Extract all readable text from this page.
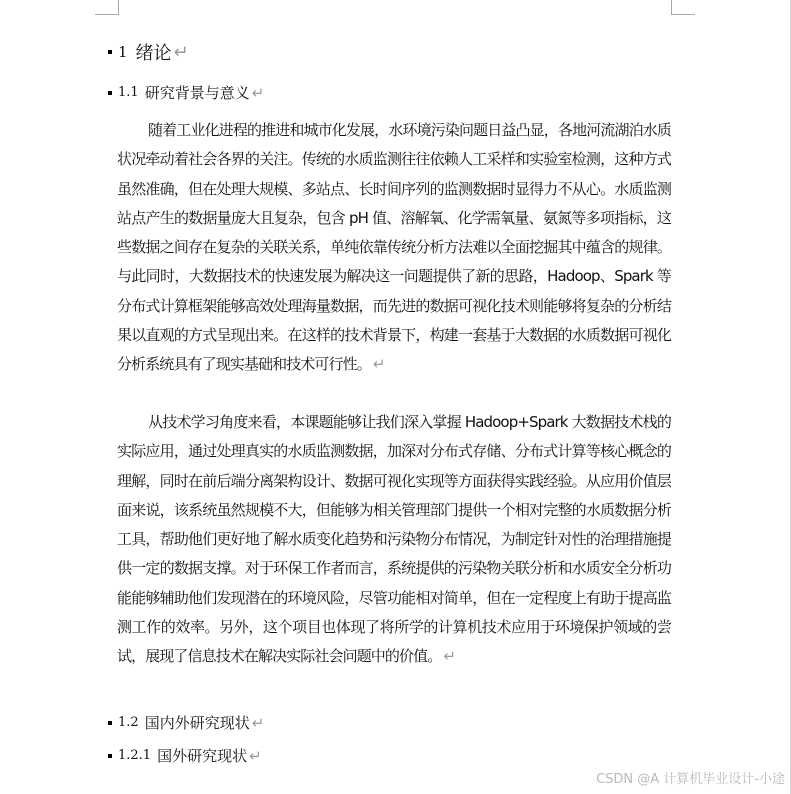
1 绪论 ↵
1.1 研究背景与意义 ↵

随着工业化进程的推进和城市化发展，水环境污染问题日益凸显，各地河流湖泊水质状况牵动着社会各界的关注。传统的水质监测往往依赖人工采样和实验室检测，这种方式虽然准确，但在处理大规模、多站点、长时间序列的监测数据时显得力不从心。水质监测站点产生的数据量庞大且复杂，包含 pH 值、溶解氧、化学需氧量、氨氮等多项指标，这些数据之间存在复杂的关联关系，单纯依靠传统分析方法难以全面挖掘其中蕴含的规律。与此同时，大数据技术的快速发展为解决这一问题提供了新的思路，Hadoop、Spark 等分布式计算框架能够高效处理海量数据，而先进的数据可视化技术则能够将复杂的分析结果以直观的方式呈现出来。在这样的技术背景下，构建一套基于大数据的水质数据可视化分析系统具有了现实基础和技术可行性。 ↵

从技术学习角度来看，本课题能够让我们深入掌握 Hadoop+Spark 大数据技术栈的实际应用，通过处理真实的水质监测数据，加深对分布式存储、分布式计算等核心概念的理解，同时在前后端分离架构设计、数据可视化实现等方面获得实践经验。从应用价值层面来说，该系统虽然规模不大，但能够为相关管理部门提供一个相对完整的水质数据分析工具，帮助他们更好地了解水质变化趋势和污染物分布情况，为制定针对性的治理措施提供一定的数据支撑。对于环保工作者而言，系统提供的污染物关联分析和水质安全分析功能能够辅助他们发现潜在的环境风险，尽管功能相对简单，但在一定程度上有助于提高监测工作的效率。另外，这个项目也体现了将所学的计算机技术应用于环境保护领域的尝试，展现了信息技术在解决实际社会问题中的价值。 ↵

1.2 国内外研究现状 ↵
1.2.1 国外研究现状 ↵
CSDN @A 计算机毕业设计-小途
